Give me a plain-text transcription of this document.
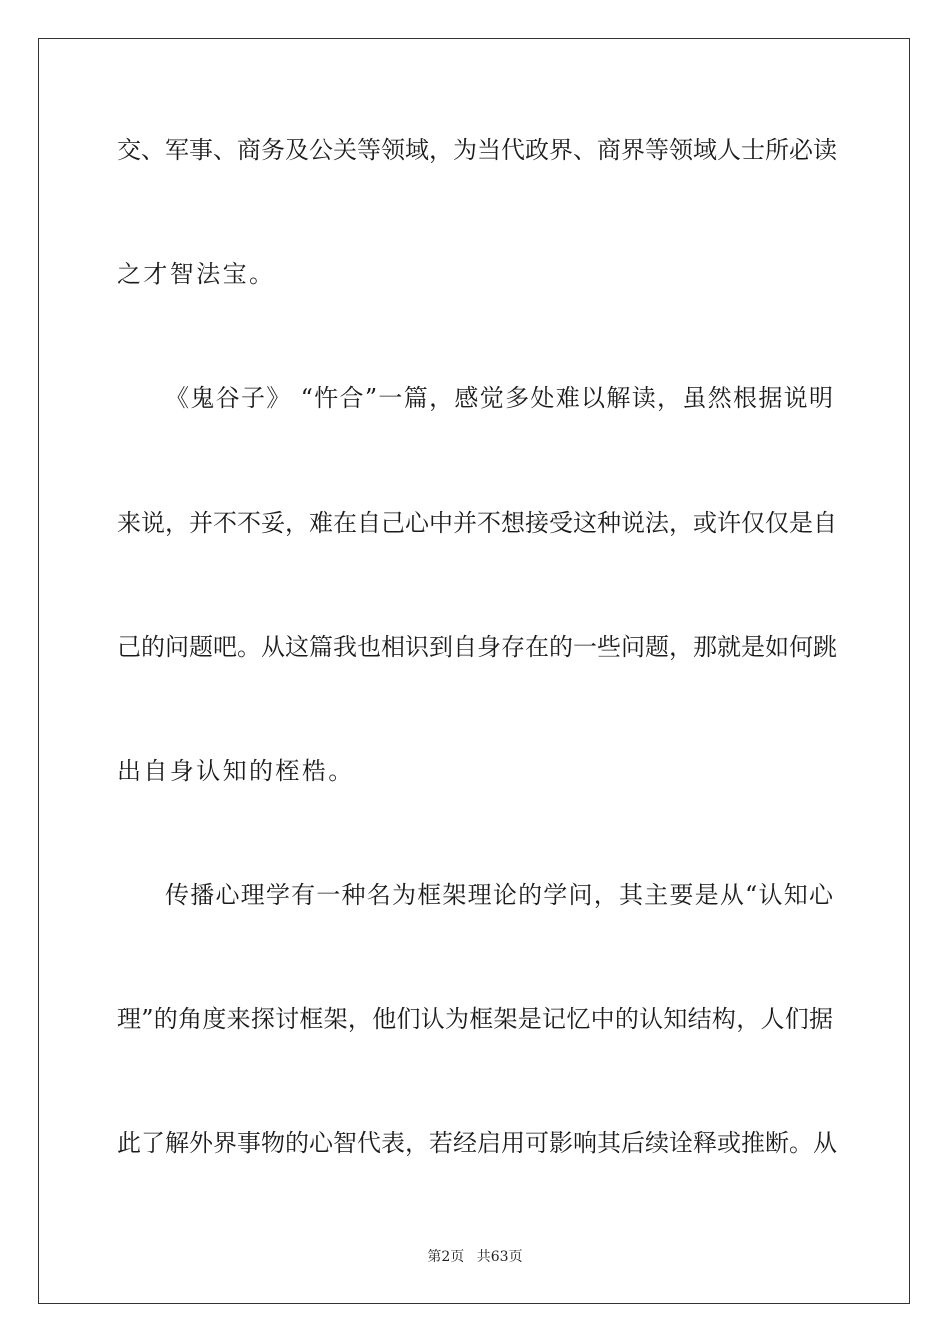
交、军事、商务及公关等领域，为当代政界、商界等领域人士所必读
之才智法宝。
《鬼谷子》 “忤合”一篇，感觉多处难以解读，虽然根据说明
来说，并不不妥，难在自己心中并不想接受这种说法，或许仅仅是自
己的问题吧。从这篇我也相识到自身存在的一些问题，那就是如何跳
出自身认知的桎梏。
传播心理学有一种名为框架理论的学问，其主要是从“认知心
理”的角度来探讨框架，他们认为框架是记忆中的认知结构，人们据
此了解外界事物的心智代表，若经启用可影响其后续诠释或推断。从
第2页 共63页
